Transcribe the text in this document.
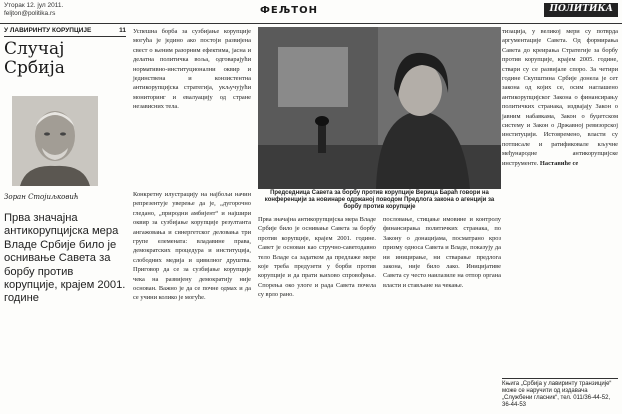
Уторак 12. јул 2011.
feljton@politika.rs	ФЕЉТОН	ПОЛИТИКА
У ЛАВИРИНТУ КОРУПЦИЈЕ	11
Случај Србија
Зоран Стојиљковић
Прва значајна антикорупцијска мера Владе Србије било је оснивање Савета за борбу против корупције, крајем 2001. године
Успешна борба за сузбијање корупције могућа је једино ако постоји развијена свест о њеним разорним ефектима, јасна и делатна политичка воља, одговарајући нормативно-институционални оквир и јединствена и конзистентна антикорупцијска стратегија, укључујући мониторинг и евалуацију од стране независних тела.
Конкретну илустрацију на најбољи начин репрезентује уверење да је, „дугорочно гледано, „природни амбијент“ и најшири оквир за сузбијање корупције резултанта ангажовања и синергетског деловања три групе елемената: владавине права, демократских процедура и институција, слободних медија и цивилног друштва. Приговор да се за сузбијање корупције чека на развијену демократију није основан. Важно је да се почне одмах и да се учини колико је могуће.
Председница Савета за борбу против корупције Верица Бараћ говори на конференцији за новинаре одржаној поводом Предлога закона о агенцији за борбу против корупције
Прва значајна антикорупцијска мера Владе Србије било је оснивање Савета за борбу против корупције, крајем 2001. године. Савет је основан као стручно-саветодавно тело Владе са задатком да предлаже мере које треба предузети у борби против корупције и да прати њихово спровођење. Спорења око улоге и рада Савета почела су врло рано.
пословање, стицање имовине и контролу финансирања политичких странака, по Закону о донацијама, посматрано кроз призму односа Савета и Владе, показују да ни иницирање, ни стварање предлога закона, није било лако. Иницијативе Савета су често наилазиле на отпор органа власти и стављане на чекање.
тизација, у великој мери су потврда аргументације Савета. Од формирања Савета до креирања Стратегије за борбу против корупције, крајем 2005. године, ствари су се развијале споро. За четири године Скупштина Србије донела је сет закона од којих се, осим наглашено антикорупцијског Закона о финансирању политичких странака, издвајају Закон о јавним набавкама, Закон о буџетском систему и Закон о Државној ревизорској институцији. Истовремено, власти су потписале и ратификовале кључне међународне антикорупцијске инструменте. Наставиће се
Књига „Србија у лавиринту транзиције“ може се наручити од издавача „Службени гласник“, тел. 011/36-44-52, 36-44-53
